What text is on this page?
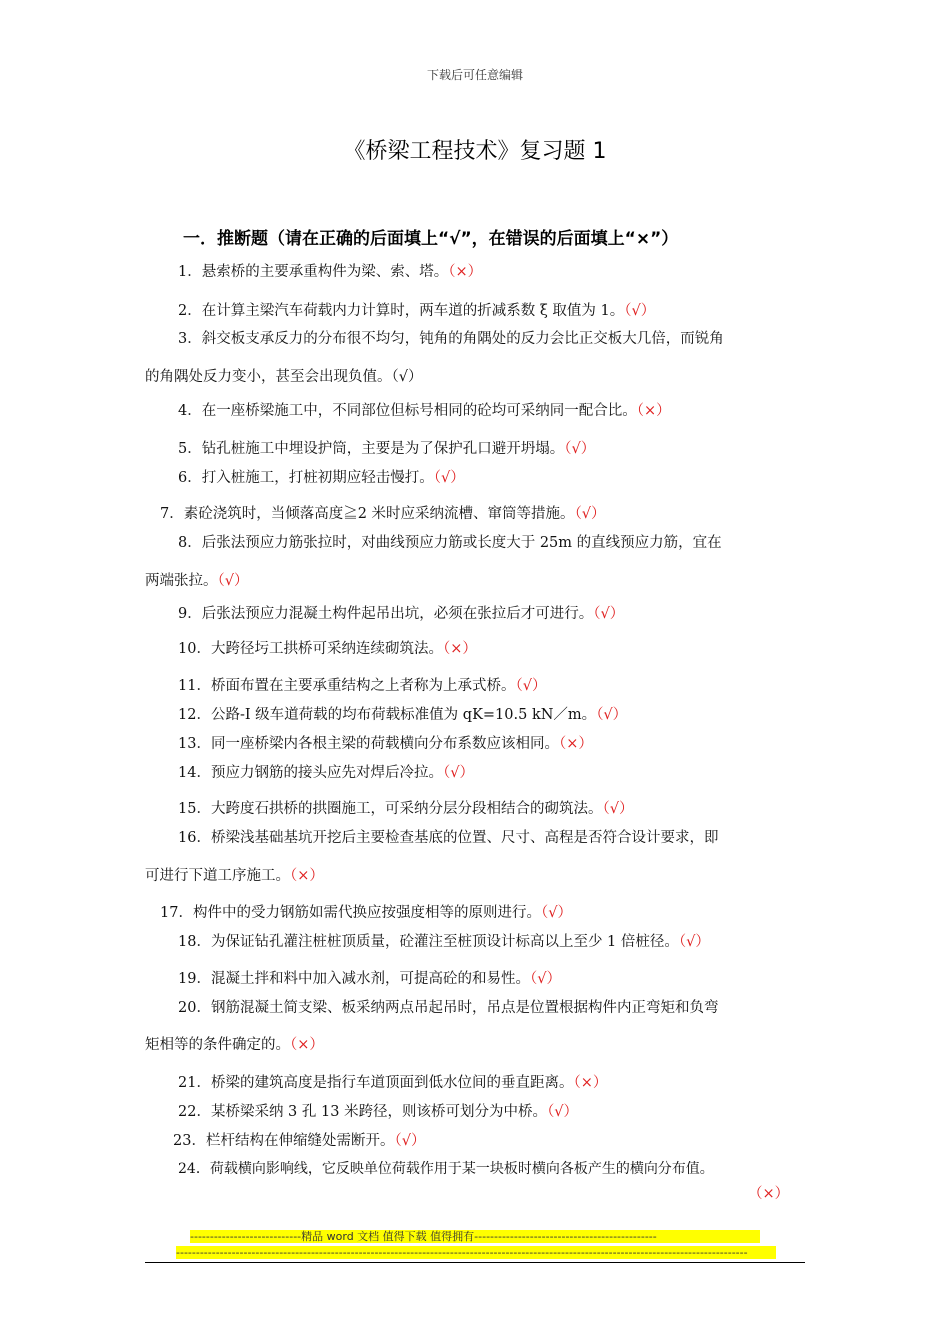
下载后可任意编辑
《桥梁工程技术》复习题 1
一．推断题（请在正确的后面填上“√”，在错误的后面填上“×”）
1．悬索桥的主要承重构件为梁、索、塔。（×）
2．在计算主梁汽车荷载内力计算时，两车道的折减系数 ξ 取值为 1。（√）
3．斜交板支承反力的分布很不均匀，钝角的角隅处的反力会比正交板大几倍，而锐角
的角隅处反力变小，甚至会出现负值。（√）
4．在一座桥梁施工中，不同部位但标号相同的砼均可采纳同一配合比。（×）
5．钻孔桩施工中埋设护筒，主要是为了保护孔口避开坍塌。（√）
6．打入桩施工，打桩初期应轻击慢打。（√）
7．素砼浇筑时，当倾落高度≧2 米时应采纳流槽、窜筒等措施。（√）
8．后张法预应力筋张拉时，对曲线预应力筋或长度大于 25m 的直线预应力筋，宜在
两端张拉。（√）
9．后张法预应力混凝土构件起吊出坑，必须在张拉后才可进行。（√）
10．大跨径圬工拱桥可采纳连续砌筑法。（×）
11．桥面布置在主要承重结构之上者称为上承式桥。（√）
12．公路-I 级车道荷载的均布荷载标准值为 qK=10.5 kN／m。（√）
13．同一座桥梁内各根主梁的荷载横向分布系数应该相同。（×）
14．预应力钢筋的接头应先对焊后冷拉。（√）
15．大跨度石拱桥的拱圈施工，可采纳分层分段相结合的砌筑法。（√）
16．桥梁浅基础基坑开挖后主要检查基底的位置、尺寸、高程是否符合设计要求，即
可进行下道工序施工。（×）
17．构件中的受力钢筋如需代换应按强度相等的原则进行。（√）
18．为保证钻孔灌注桩桩顶质量，砼灌注至桩顶设计标高以上至少 1 倍桩径。（√）
19．混凝土拌和料中加入减水剂，可提高砼的和易性。（√）
20．钢筋混凝土简支梁、板采纳两点吊起吊时，吊点是位置根据构件内正弯矩和负弯
矩相等的条件确定的。（×）
21．桥梁的建筑高度是指行车道顶面到低水位间的垂直距离。（×）
22．某桥梁采纳 3 孔 13 米跨径，则该桥可划分为中桥。（√）
23．栏杆结构在伸缩缝处需断开。（√）
24．荷载横向影响线，它反映单位荷载作用于某一块板时横向各板产生的横向分布值。
（×）
----------------------------精品 word 文档 值得下载 值得拥有----------------------------------------------
------------------------------------------------------------------------------------------------------------------------------------------------
